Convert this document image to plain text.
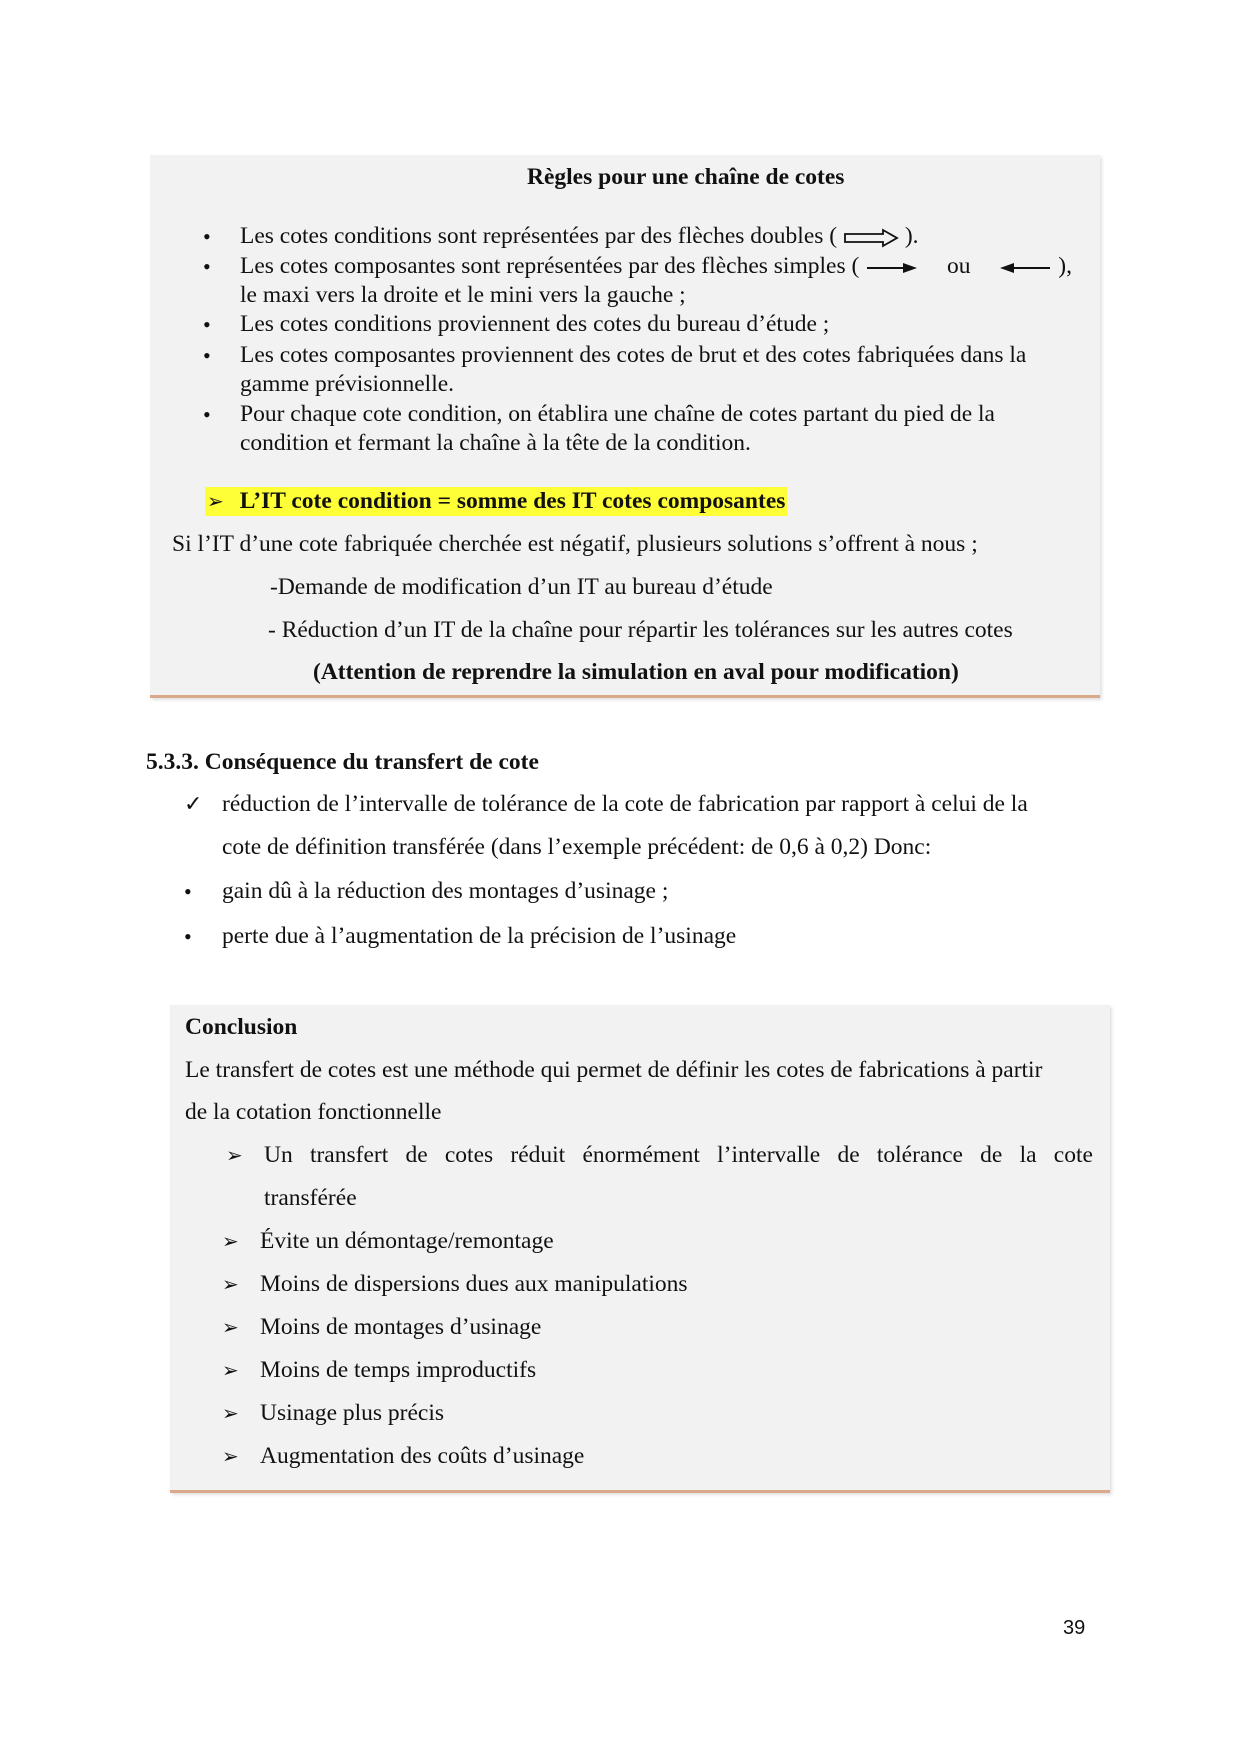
Règles pour une chaîne de cotes
• Les cotes conditions sont représentées par des flèches doubles (	).
• Les cotes composantes sont représentées par des flèches simples (	ou	),
le maxi vers la droite et le mini vers la gauche ;
• Les cotes conditions proviennent des cotes du bureau d’étude ;
• Les cotes composantes proviennent des cotes de brut et des cotes fabriquées dans la
gamme prévisionnelle.
• Pour chaque cote condition, on établira une chaîne de cotes partant du pied de la
condition et fermant la chaîne à la tête de la condition.
➢ L’IT cote condition = somme des IT cotes composantes
Si l’IT d’une cote fabriquée cherchée est négatif, plusieurs solutions s’offrent à nous ;
-Demande de modification d’un IT au bureau d’étude
- Réduction d’un IT de la chaîne pour répartir les tolérances sur les autres cotes
(Attention de reprendre la simulation en aval pour modification)
5.3.3. Conséquence du transfert de cote
✓ réduction de l’intervalle de tolérance de la cote de fabrication par rapport à celui de la
cote de définition transférée (dans l’exemple précédent: de 0,6 à 0,2) Donc:
• gain dû à la réduction des montages d’usinage ;
• perte due à l’augmentation de la précision de l’usinage
Conclusion
Le transfert de cotes est une méthode qui permet de définir les cotes de fabrications à partir
de la cotation fonctionnelle
➢ Un transfert de cotes réduit énormément l’intervalle de tolérance de la cote
transférée
➢ Évite un démontage/remontage
➢ Moins de dispersions dues aux manipulations
➢ Moins de montages d’usinage
➢ Moins de temps improductifs
➢ Usinage plus précis
➢ Augmentation des coûts d’usinage
39
